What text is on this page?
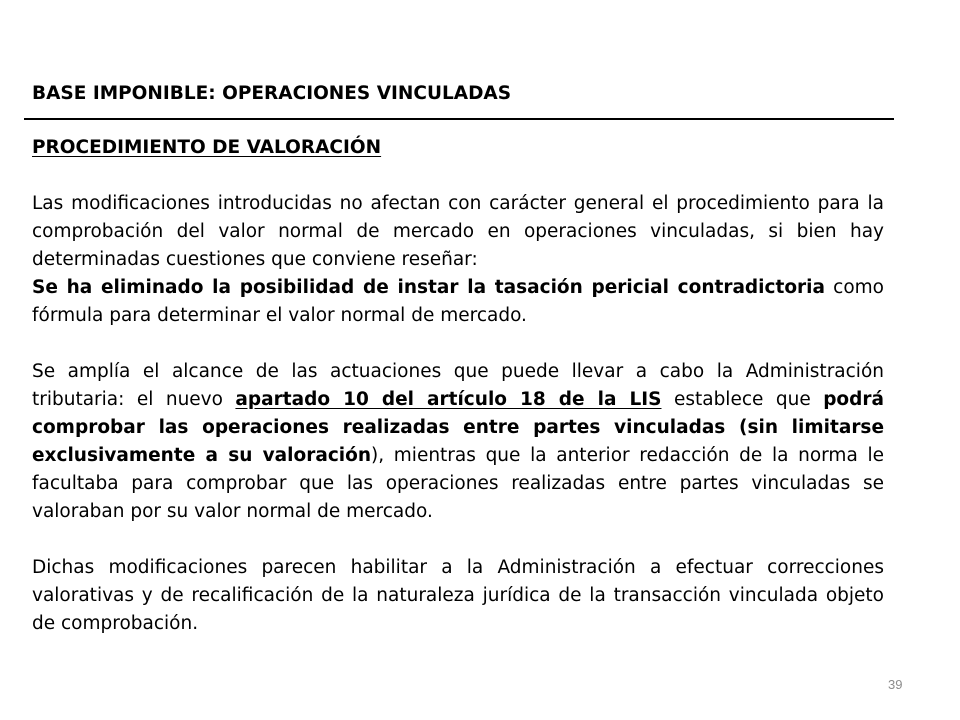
BASE IMPONIBLE: OPERACIONES VINCULADAS

PROCEDIMIENTO DE VALORACIÓN

Las modificaciones introducidas no afectan con carácter general el procedimiento para la comprobación del valor normal de mercado en operaciones vinculadas, si bien hay determinadas cuestiones que conviene reseñar:

Se ha eliminado la posibilidad de instar la tasación pericial contradictoria como fórmula para determinar el valor normal de mercado.

Se amplía el alcance de las actuaciones que puede llevar a cabo la Administración tributaria: el nuevo apartado 10 del artículo 18 de la LIS establece que podrá comprobar las operaciones realizadas entre partes vinculadas (sin limitarse exclusivamente a su valoración), mientras que la anterior redacción de la norma le facultaba para comprobar que las operaciones realizadas entre partes vinculadas se valoraban por su valor normal de mercado.

Dichas modificaciones parecen habilitar a la Administración a efectuar correcciones valorativas y de recalificación de la naturaleza jurídica de la transacción vinculada objeto de comprobación.

39
